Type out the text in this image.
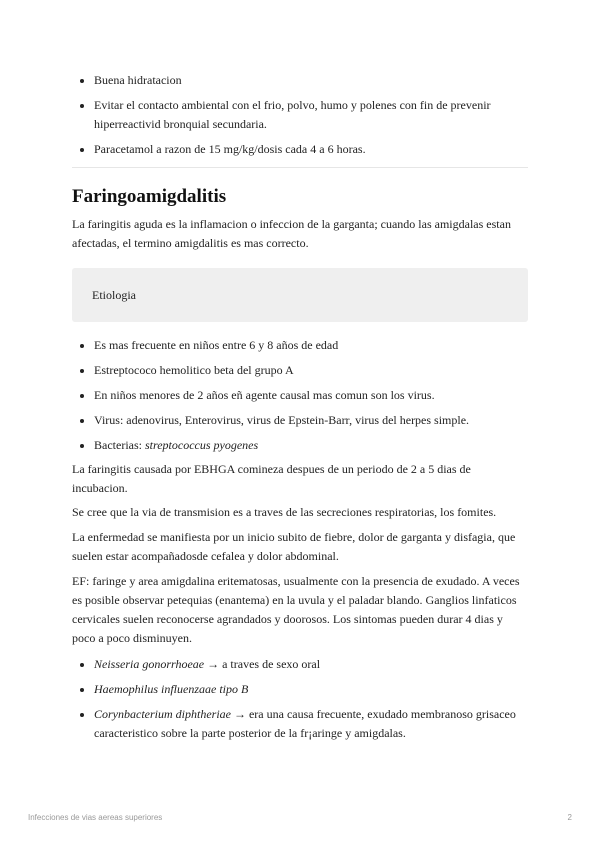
Buena hidratacion
Evitar el contacto ambiental con el frio, polvo, humo y polenes con fin de prevenir hiperreactivid bronquial secundaria.
Paracetamol a razon de 15 mg/kg/dosis cada 4 a 6 horas.
Faringoamigdalitis

La faringitis aguda es la inflamacion o infeccion de la garganta; cuando las amigdalas estan afectadas, el termino amigdalitis es mas correcto.

Etiologia
Es mas frecuente en niños entre 6 y 8 años de edad
Estreptococo hemolitico beta del grupo A
En niños menores de 2 años eñ agente causal mas comun son los virus.
Virus: adenovirus, Enterovirus, virus de Epstein-Barr, virus del herpes simple.
Bacterias: streptococcus pyogenes

La faringitis causada por EBHGA comineza despues de un periodo de 2 a 5 dias de incubacion.

Se cree que la via de transmision es a traves de las secreciones respiratorias, los fomites.

La enfermedad se manifiesta por un inicio subito de fiebre, dolor de garganta y disfagia, que suelen estar acompañadosde cefalea y dolor abdominal.

EF: faringe y area amigdalina eritematosas, usualmente con la presencia de exudado. A veces es posible observar petequias (enantema) en la uvula y el paladar blando. Ganglios linfaticos cervicales suelen reconocerse agrandados y doorosos. Los sintomas pueden durar 4 dias y poco a poco disminuyen.

Neisseria gonorrhoeae → a traves de sexo oral
Haemophilus influenzaae tipo B
Corynbacterium diphtheriae → era una causa frecuente, exudado membranoso grisaceo caracteristico sobre la parte posterior de la fr¡aringe y amigdalas.
Infecciones de vias aereas superiores	2
